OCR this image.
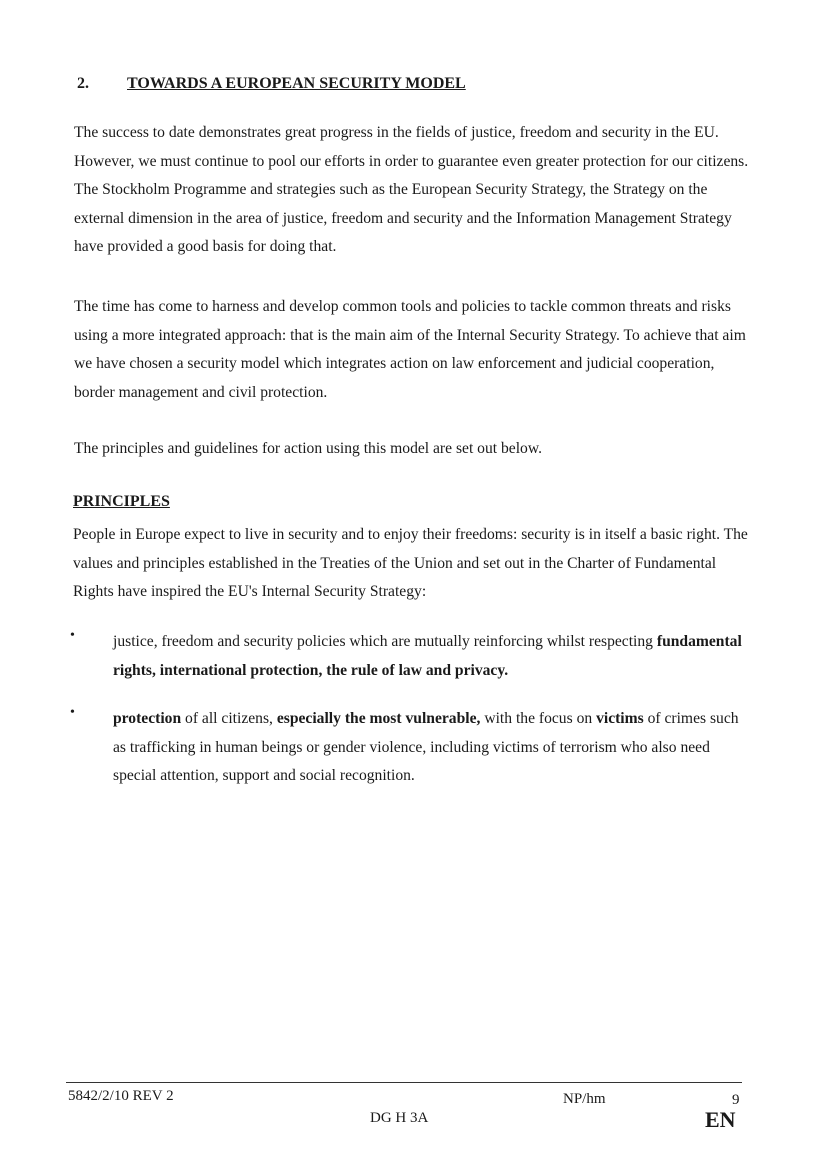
2. TOWARDS A EUROPEAN SECURITY MODEL

The success to date demonstrates great progress in the fields of justice, freedom and security in the EU. However, we must continue to pool our efforts in order to guarantee even greater protection for our citizens. The Stockholm Programme and strategies such as the European Security Strategy, the Strategy on the external dimension in the area of justice, freedom and security and the Information Management Strategy have provided a good basis for doing that.

The time has come to harness and develop common tools and policies to tackle common threats and risks using a more integrated approach: that is the main aim of the Internal Security Strategy. To achieve that aim we have chosen a security model which integrates action on law enforcement and judicial cooperation, border management and civil protection.

The principles and guidelines for action using this model are set out below.

PRINCIPLES

People in Europe expect to live in security and to enjoy their freedoms: security is in itself a basic right. The values and principles established in the Treaties of the Union and set out in the Charter of Fundamental Rights have inspired the EU's Internal Security Strategy:

• justice, freedom and security policies which are mutually reinforcing whilst respecting fundamental rights, international protection, the rule of law and privacy.

• protection of all citizens, especially the most vulnerable, with the focus on victims of crimes such as trafficking in human beings or gender violence, including victims of terrorism who also need special attention, support and social recognition.

5842/2/10 REV 2	NP/hm	9
DG H 3A	EN
